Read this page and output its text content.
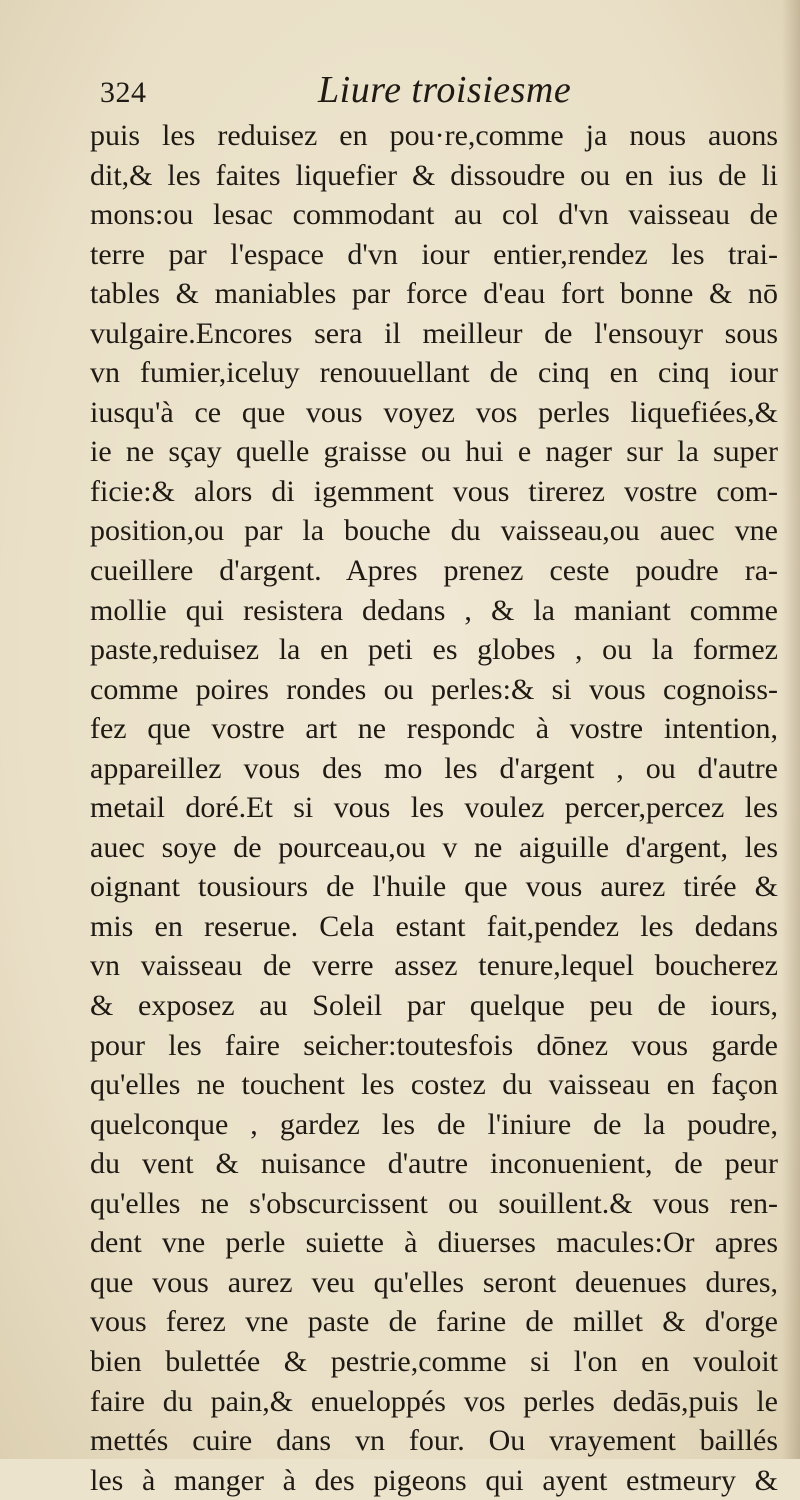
324	Liure troisiesme
puis les reduisez en pou·re,comme ja nous auons
dit,& les faites liquefier & dissoudre ou en ius de li
mons:ou lesac commodant au col d'vn vaisseau de
terre par l'espace d'vn iour entier,rendez les trai-
tables & maniables par force d'eau fort bonne & nō
vulgaire.Encores sera il meilleur de l'ensouyr sous
vn fumier,iceluy renouuellant de cinq en cinq iour
iusqu'à ce que vous voyez vos perles liquefiées,&
ie ne sçay quelle graisse ou hui e nager sur la super
ficie:& alors di igemment vous tirerez vostre com-
position,ou par la bouche du vaisseau,ou auec vne
cueillere d'argent. Apres prenez ceste poudre ra-
mollie qui resistera dedans , & la maniant comme
paste,reduisez la en peti es globes , ou la formez
comme poires rondes ou perles:& si vous cognoiss-
fez que vostre art ne respondc à vostre intention,
appareillez vous des mo les d'argent , ou d'autre
metail doré.Et si vous les voulez percer,percez les
auec soye de pourceau,ou v ne aiguille d'argent, les
oignant tousiours de l'huile que vous aurez tirée &
mis en reserue. Cela estant fait,pendez les dedans
vn vaisseau de verre assez tenure,lequel boucherez
& exposez au Soleil par quelque peu de iours,
pour les faire seicher:toutesfois dōnez vous garde
qu'elles ne touchent les costez du vaisseau en façon
quelconque , gardez les de l'iniure de la poudre,
du vent & nuisance d'autre inconuenient, de peur
qu'elles ne s'obscurcissent ou souillent.& vous ren-
dent vne perle suiette à diuerses macules:Or apres
que vous aurez veu qu'elles seront deuenues dures,
vous ferez vne paste de farine de millet & d'orge
bien bulettée & pestrie,comme si l'on en vouloit
faire du pain,& enueloppés vos perles dedās,puis le
mettés cuire dans vn four. Ou vrayement baillés
les à manger à des pigeons qui ayent estmeury &
